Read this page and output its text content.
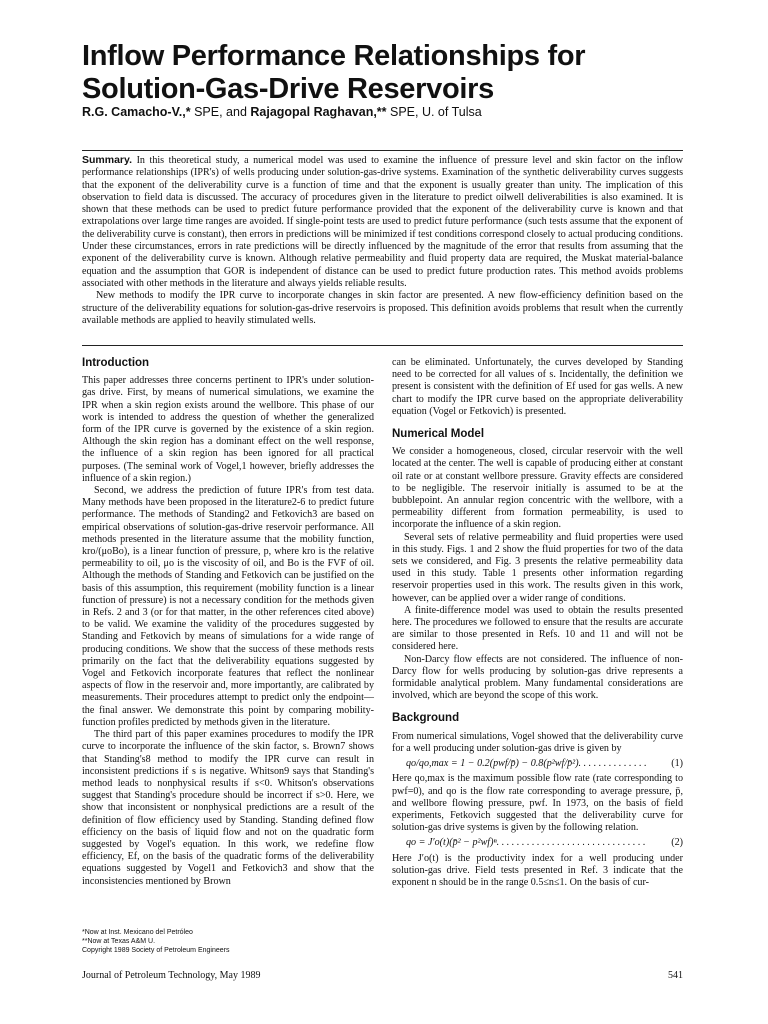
Inflow Performance Relationships for Solution-Gas-Drive Reservoirs
R.G. Camacho-V.,* SPE, and Rajagopal Raghavan,** SPE, U. of Tulsa

Summary. In this theoretical study, a numerical model was used to examine the influence of pressure level and skin factor on the inflow performance relationships (IPR's) of wells producing under solution-gas-drive systems. Examination of the synthetic deliverability curves suggests that the exponent of the deliverability curve is a function of time and that the exponent is usually greater than unity. The implication of this observation to field data is discussed. The accuracy of procedures given in the literature to predict oilwell deliverabilities is also examined. It is shown that these methods can be used to predict future performance provided that the exponent of the deliverability curve is known and that extrapolations over large time ranges are avoided. If single-point tests are used to predict future performance (such tests assume that the exponent of the deliverability curve is constant), then errors in predictions will be minimized if test conditions correspond closely to actual producing conditions. Under these circumstances, errors in rate predictions will be directly influenced by the magnitude of the error that results from assuming that the exponent of the deliverability curve is known. Although relative permeability and fluid property data are required, the Muskat material-balance equation and the assumption that GOR is independent of distance can be used to predict future production rates. This method avoids problems associated with other methods in the literature and always yields reliable results.

New methods to modify the IPR curve to incorporate changes in skin factor are presented. A new flow-efficiency definition based on the structure of the deliverability equations for solution-gas-drive reservoirs is proposed. This definition avoids problems that result when the currently available methods are applied to heavily stimulated wells.

Introduction

This paper addresses three concerns pertinent to IPR's under solution-gas drive. First, by means of numerical simulations, we examine the IPR when a skin region exists around the wellbore. This phase of our work is intended to address the question of whether the generalized form of the IPR curve is governed by the existence of a skin region. Although the skin region has a dominant effect on the well response, the influence of a skin region has been ignored for all practical purposes. (The seminal work of Vogel,1 however, briefly addresses the influence of a skin region.)

Second, we address the prediction of future IPR's from test data. Many methods have been proposed in the literature2-6 to predict future performance. The methods of Standing2 and Fetkovich3 are based on empirical observations of solution-gas-drive reservoir performance. All methods presented in the literature assume that the mobility function, kro/(μoBo), is a linear function of pressure, p, where kro is the relative permeability to oil, μo is the viscosity of oil, and Bo is the FVF of oil. Although the methods of Standing and Fetkovich can be justified on the basis of this assumption, this requirement (mobility function is a linear function of pressure) is not a necessary condition for the methods given in Refs. 2 and 3 (or for that matter, in the other references cited above) to be valid. We examine the validity of the procedures suggested by Standing and Fetkovich by means of simulations for a wide range of producing conditions. We show that the success of these methods rests primarily on the fact that the deliverability equations suggested by Vogel and Fetkovich incorporate features that reflect the nonlinear aspects of flow in the reservoir and, more importantly, are calibrated by measurements. Their procedures attempt to predict only the endpoint—the final answer. We demonstrate this point by comparing mobility-function profiles predicted by methods given in the literature.

The third part of this paper examines procedures to modify the IPR curve to incorporate the influence of the skin factor, s. Brown7 shows that Standing's8 method to modify the IPR curve can result in inconsistent predictions if s is negative. Whitson9 says that Standing's method leads to nonphysical results if s<0. Whitson's observations suggest that Standing's procedure should be incorrect if s>0. Here, we show that inconsistent or nonphysical predictions are a result of the definition of flow efficiency used by Standing. Standing defined flow efficiency on the basis of liquid flow and not on the quadratic form suggested by Vogel's equation. In this work, we redefine flow efficiency, Ef, on the basis of the quadratic forms of the deliverability equations suggested by Vogel1 and Fetkovich3 and show that the inconsistencies mentioned by Brown

can be eliminated. Unfortunately, the curves developed by Standing need to be corrected for all values of s. Incidentally, the definition we present is consistent with the definition of Ef used for gas wells. A new chart to modify the IPR curve based on the appropriate deliverability equation (Vogel or Fetkovich) is presented.

Numerical Model

We consider a homogeneous, closed, circular reservoir with the well located at the center. The well is capable of producing either at constant oil rate or at constant wellbore pressure. Gravity effects are considered to be negligible. The reservoir initially is assumed to be at the bubblepoint. An annular region concentric with the wellbore, with a permeability different from formation permeability, is used to incorporate the influence of a skin region.

Several sets of relative permeability and fluid properties were used in this study. Figs. 1 and 2 show the fluid properties for two of the data sets we considered, and Fig. 3 presents the relative permeability data used in this study. Table 1 presents other information regarding reservoir properties used in this work. The results given in this work, however, can be applied over a wider range of conditions.

A finite-difference model was used to obtain the results presented here. The procedures we followed to ensure that the results are accurate are similar to those presented in Refs. 10 and 11 and will not be considered here.

Non-Darcy flow effects are not considered. The influence of non-Darcy flow for wells producing by solution-gas drive represents a formidable analytical problem. Many fundamental considerations are involved, which are beyond the scope of this work.

Background

From numerical simulations, Vogel showed that the deliverability curve for a well producing under solution-gas drive is given by

qo/qo,max = 1 − 0.2(pwf/p̄) − 0.8(p²wf/p̄²). . . . . . . . . . . . . . (1)

Here qo,max is the maximum possible flow rate (rate corresponding to pwf=0), and qo is the flow rate corresponding to average pressure, p̄, and wellbore flowing pressure, pwf. In 1973, on the basis of field experiments, Fetkovich suggested that the deliverability curve for solution-gas drive systems is given by the following relation.

qo = J′o(t)(p̄² − p²wf)ⁿ. . . . . . . . . . . . . . . . . . . . . . . . . . . . . .	(2)

Here J′o(t) is the productivity index for a well producing under solution-gas drive. Field tests presented in Ref. 3 indicate that the exponent n should be in the range 0.5≤n≤1. On the basis of cur-

*Now at Inst. Mexicano del Petróleo
**Now at Texas A&M U.
Copyright 1989 Society of Petroleum Engineers
Journal of Petroleum Technology, May 1989	541
